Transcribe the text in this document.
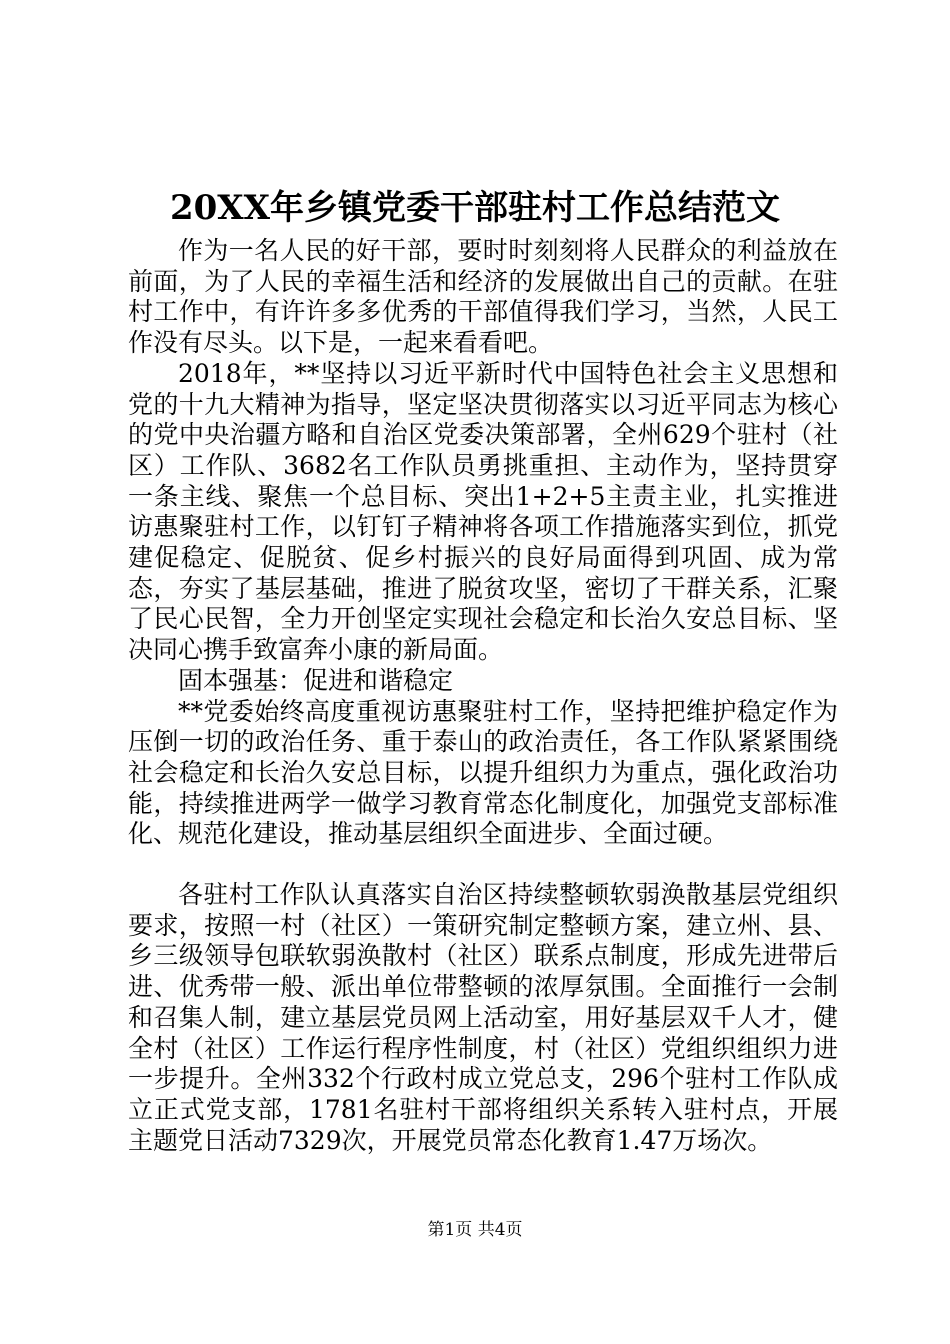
20XX年乡镇党委干部驻村工作总结范文

作为一名人民的好干部，要时时刻刻将人民群众的利益放在前面，为了人民的幸福生活和经济的发展做出自己的贡献。在驻村工作中，有许许多多优秀的干部值得我们学习，当然，人民工作没有尽头。以下是，一起来看看吧。

2018年，**坚持以习近平新时代中国特色社会主义思想和党的十九大精神为指导，坚定坚决贯彻落实以习近平同志为核心的党中央治疆方略和自治区党委决策部署，全州629个驻村（社区）工作队、3682名工作队员勇挑重担、主动作为，坚持贯穿一条主线、聚焦一个总目标、突出1+2+5主责主业，扎实推进访惠聚驻村工作，以钉钉子精神将各项工作措施落实到位，抓党建促稳定、促脱贫、促乡村振兴的良好局面得到巩固、成为常态，夯实了基层基础，推进了脱贫攻坚，密切了干群关系，汇聚了民心民智，全力开创坚定实现社会稳定和长治久安总目标、坚决同心携手致富奔小康的新局面。

固本强基：促进和谐稳定

**党委始终高度重视访惠聚驻村工作，坚持把维护稳定作为压倒一切的政治任务、重于泰山的政治责任，各工作队紧紧围绕社会稳定和长治久安总目标，以提升组织力为重点，强化政治功能，持续推进两学一做学习教育常态化制度化，加强党支部标准化、规范化建设，推动基层组织全面进步、全面过硬。

各驻村工作队认真落实自治区持续整顿软弱涣散基层党组织要求，按照一村（社区）一策研究制定整顿方案，建立州、县、乡三级领导包联软弱涣散村（社区）联系点制度，形成先进带后进、优秀带一般、派出单位带整顿的浓厚氛围。全面推行一会制和召集人制，建立基层党员网上活动室，用好基层双千人才，健全村（社区）工作运行程序性制度，村（社区）党组织组织力进一步提升。全州332个行政村成立党总支，296个驻村工作队成立正式党支部，1781名驻村干部将组织关系转入驻村点，开展主题党日活动7329次，开展党员常态化教育1.47万场次。

第1页 共4页
